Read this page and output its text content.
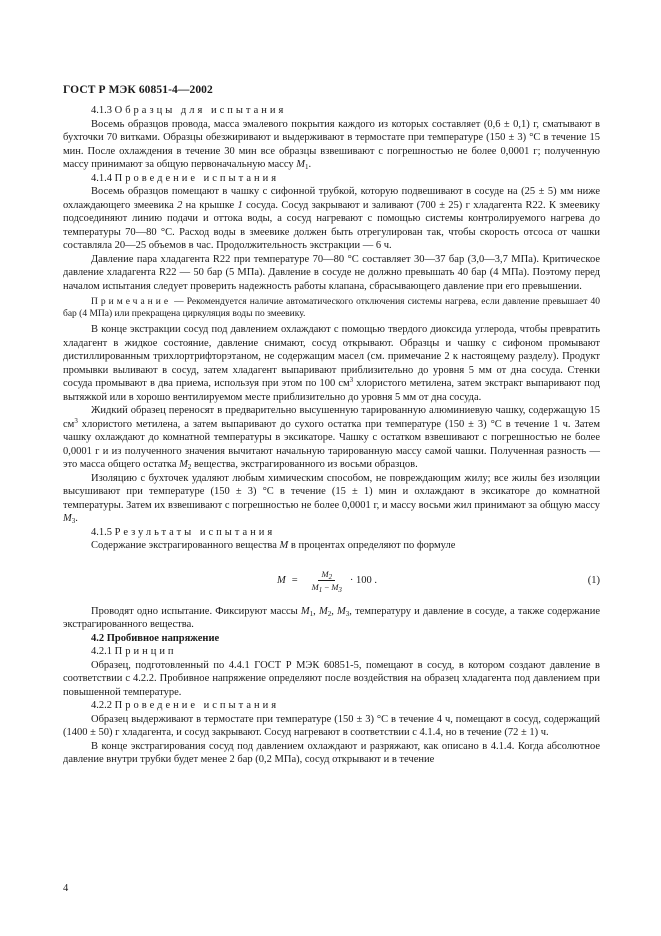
ГОСТ Р МЭК 60851-4—2002

4.1.3 Образцы для испытания

Восемь образцов провода, масса эмалевого покрытия каждого из которых составляет (0,6 ± 0,1) г, сматывают в бухточки 70 витками. Образцы обезжиривают и выдерживают в термостате при температуре (150 ± 3) °С в течение 15 мин. После охлаждения в течение 30 мин все образцы взвешивают с погрешностью не более 0,0001 г; полученную массу принимают за общую первоначальную массу $M_1$.

4.1.4 Проведение испытания

Восемь образцов помещают в чашку с сифонной трубкой, которую подвешивают в сосуде на (25 ± 5) мм ниже охлаждающего змеевика 2 на крышке 1 сосуда. Сосуд закрывают и заливают (700 ± 25) г хладагента R22. К змеевику подсоединяют линию подачи и оттока воды, а сосуд нагревают с помощью системы контролируемого нагрева до температуры 70—80 °С. Расход воды в змеевике должен быть отрегулирован так, чтобы скорость отсоса от чашки составляла 20—25 объемов в час. Продолжительность экстракции — 6 ч.

Давление пара хладагента R22 при температуре 70—80 °С составляет 30—37 бар (3,0—3,7 МПа). Критическое давление хладагента R22 — 50 бар (5 МПа). Давление в сосуде не должно превышать 40 бар (4 МПа). Поэтому перед началом испытания следует проверить надежность работы клапана, сбрасывающего давление при его превышении.

Примечание — Рекомендуется наличие автоматического отключения системы нагрева, если давление превышает 40 бар (4 МПа) или прекращена циркуляция воды по змеевику.

В конце экстракции сосуд под давлением охлаждают с помощью твердого диоксида углерода, чтобы превратить хладагент в жидкое состояние, давление снимают, сосуд открывают. Образцы и чашку с сифоном промывают дистиллированным трихлортрифторэтаном, не содержащим масел (см. примечание 2 к настоящему разделу). Продукт промывки выливают в сосуд, затем хладагент выпаривают приблизительно до уровня 5 мм от дна сосуда. Стенки сосуда промывают в два приема, используя при этом по 100 $см^3$ хлористого метилена, затем экстракт выпаривают под вытяжкой или в хорошо вентилируемом месте приблизительно до уровня 5 мм от дна сосуда.

Жидкий образец переносят в предварительно высушенную тарированную алюминиевую чашку, содержащую 15 $см^3$ хлористого метилена, а затем выпаривают до сухого остатка при температуре (150 ± 3) °С в течение 1 ч. Затем чашку охлаждают до комнатной температуры в эксикаторе. Чашку с остатком взвешивают с погрешностью не более 0,0001 г и из полученного значения вычитают начальную тарированную массу самой чашки. Полученная разность — это масса общего остатка $M_2$ вещества, экстрагированного из восьми образцов.

Изоляцию с бухточек удаляют любым химическим способом, не повреждающим жилу; все жилы без изоляции высушивают при температуре (150 ± 3) °С в течение (15 ± 1) мин и охлаждают в эксикаторе до комнатной температуры. Затем их взвешивают с погрешностью не более 0,0001 г, и массу восьми жил принимают за общую массу $M_3$.

4.1.5 Результаты испытания

Содержание экстрагированного вещества M в процентах определяют по формуле

$M = \frac{M_2}{M_1 - M_3} \cdot 100$ .	(1)

Проводят одно испытание. Фиксируют массы $M_1$, $M_2$, $M_3$, температуру и давление в сосуде, а также содержание экстрагированного вещества.

4.2 Пробивное напряжение

4.2.1 Принцип

Образец, подготовленный по 4.4.1 ГОСТ Р МЭК 60851-5, помещают в сосуд, в котором создают давление в соответствии с 4.2.2. Пробивное напряжение определяют после воздействия на образец хладагента под давлением при повышенной температуре.

4.2.2 Проведение испытания

Образец выдерживают в термостате при температуре (150 ± 3) °С в течение 4 ч, помещают в сосуд, содержащий (1400 ± 50) г хладагента, и сосуд закрывают. Сосуд нагревают в соответствии с 4.1.4, но в течение (72 ± 1) ч.

В конце экстрагирования сосуд под давлением охлаждают и разряжают, как описано в 4.1.4. Когда абсолютное давление внутри трубки будет менее 2 бар (0,2 МПа), сосуд открывают и в течение

4
